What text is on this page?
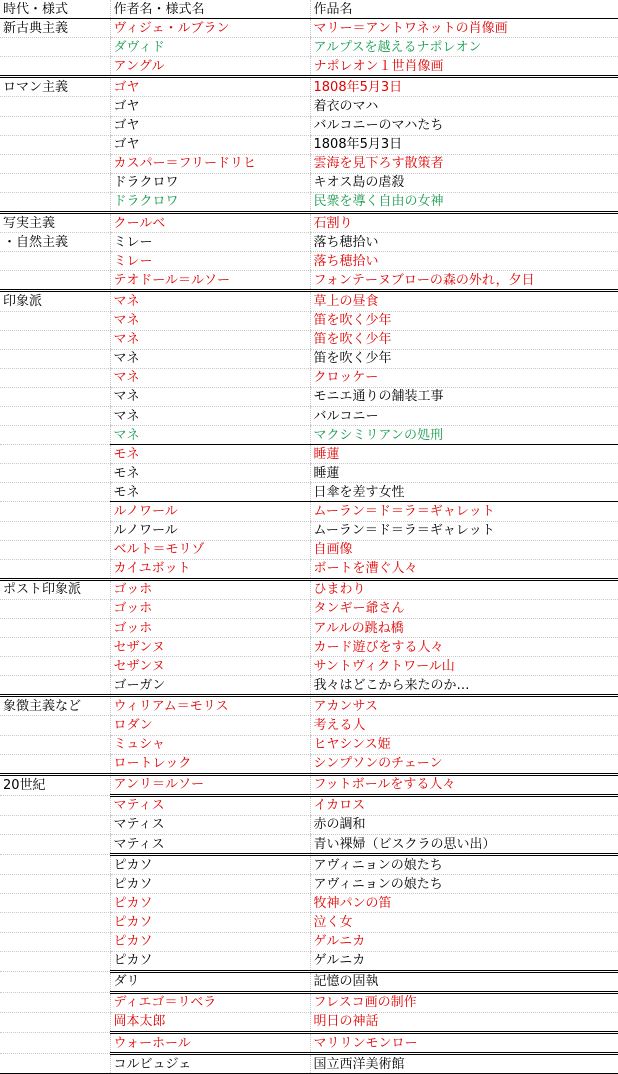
時代・様式	作者名・様式名	作品名
新古典主義	ヴィジェ・ルブラン	マリー＝アントワネットの肖像画
	ダヴィド	アルプスを越えるナポレオン
	アングル	ナポレオン１世肖像画
ロマン主義	ゴヤ	1808年5月3日
	ゴヤ	着衣のマハ
	ゴヤ	バルコニーのマハたち
	ゴヤ	1808年5月3日
	カスパー＝フリードリヒ	雲海を見下ろす散策者
	ドラクロワ	キオス島の虐殺
	ドラクロワ	民衆を導く自由の女神
写実主義	クールベ	石割り
・自然主義	ミレー	落ち穂拾い
	ミレー	落ち穂拾い
	テオドール＝ルソー	フォンテーヌブローの森の外れ，夕日
印象派	マネ	草上の昼食
	マネ	笛を吹く少年
	マネ	笛を吹く少年
	マネ	笛を吹く少年
	マネ	クロッケー
	マネ	モニエ通りの舗装工事
	マネ	バルコニー
	マネ	マクシミリアンの処刑
	モネ	睡蓮
	モネ	睡蓮
	モネ	日傘を差す女性
	ルノワール	ムーラン＝ド＝ラ＝ギャレット
	ルノワール	ムーラン＝ド＝ラ＝ギャレット
	ベルト＝モリゾ	自画像
	カイユボット	ボートを漕ぐ人々
ポスト印象派	ゴッホ	ひまわり
	ゴッホ	タンギー爺さん
	ゴッホ	アルルの跳ね橋
	セザンヌ	カード遊びをする人々
	セザンヌ	サントヴィクトワール山
	ゴーガン	我々はどこから来たのか…
象徴主義など	ウィリアム＝モリス	アカンサス
	ロダン	考える人
	ミュシャ	ヒヤシンス姫
	ロートレック	シンプソンのチェーン
20世紀	アンリ＝ルソー	フットボールをする人々
	マティス	イカロス
	マティス	赤の調和
	マティス	青い裸婦（ビスクラの思い出）
	ピカソ	アヴィニョンの娘たち
	ピカソ	アヴィニョンの娘たち
	ピカソ	牧神パンの笛
	ピカソ	泣く女
	ピカソ	ゲルニカ
	ピカソ	ゲルニカ
	ダリ	記憶の固執
	ディエゴ＝リベラ	フレスコ画の制作
	岡本太郎	明日の神話
	ウォーホール	マリリンモンロー
	コルビュジェ	国立西洋美術館
